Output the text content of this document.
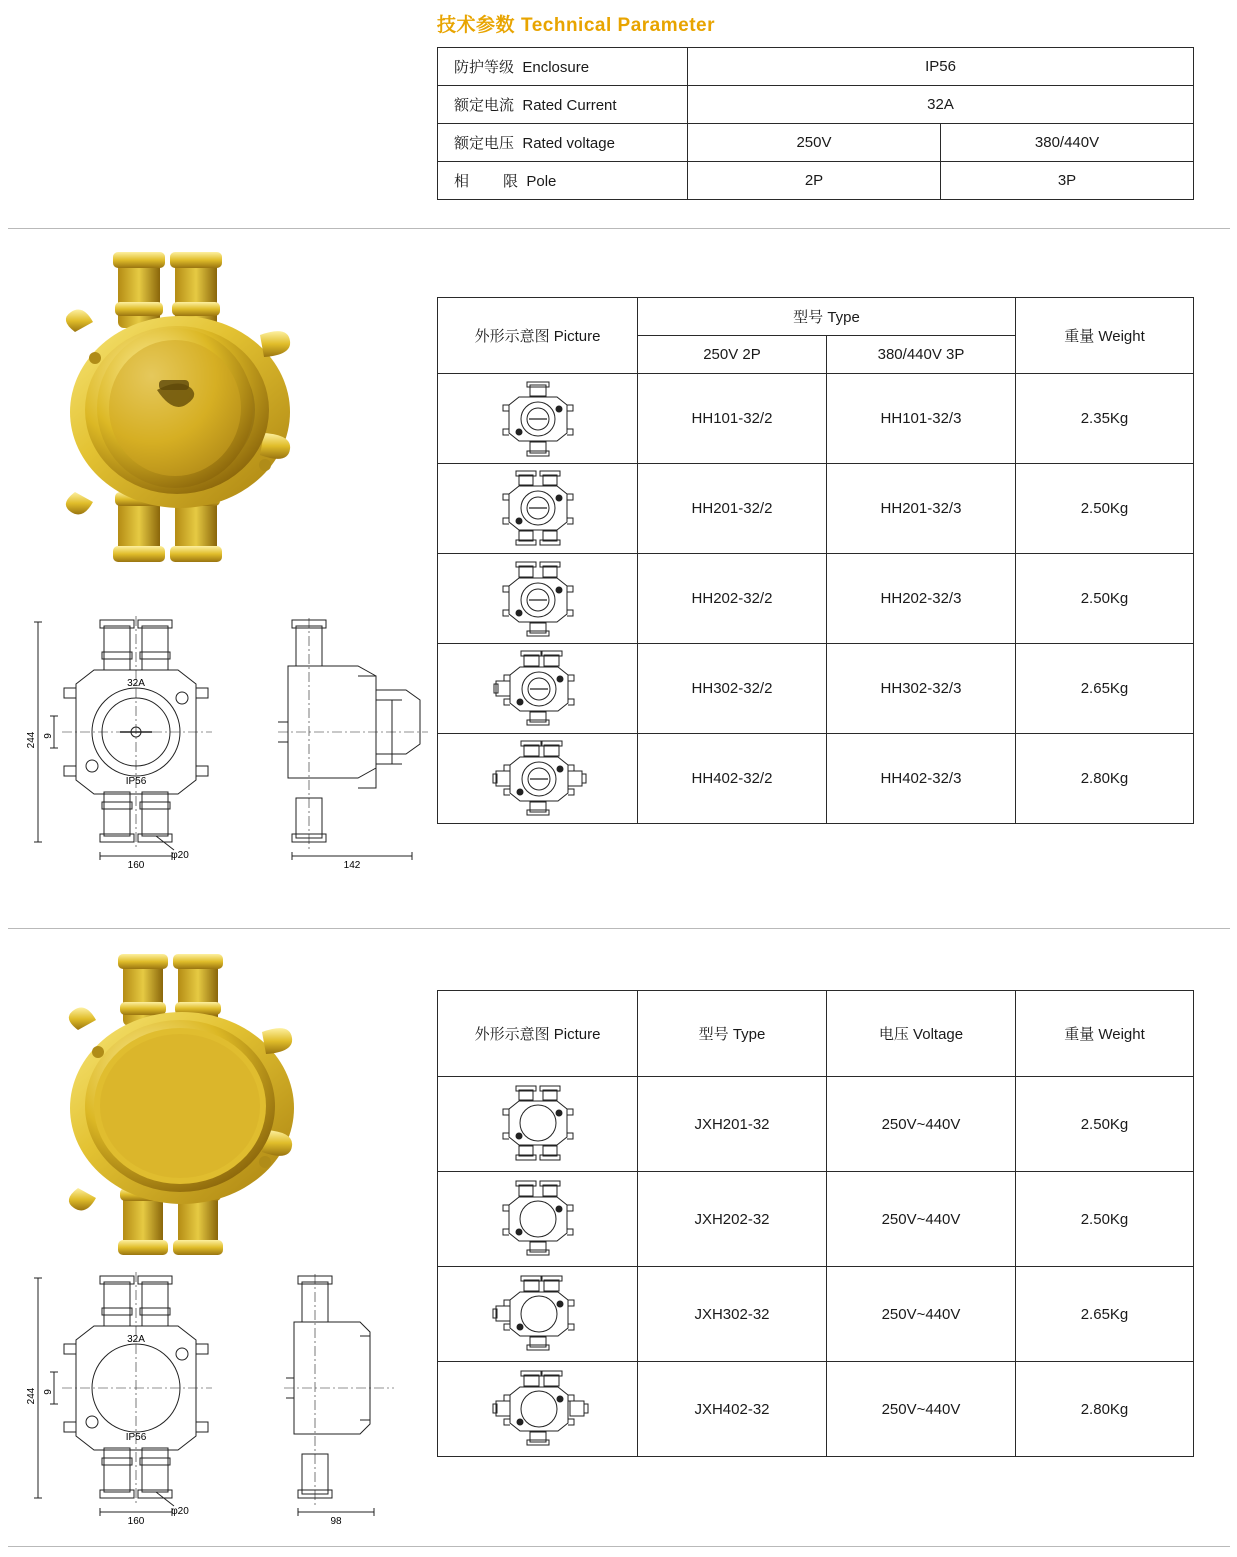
技术参数 Technical Parameter
防护等级 Enclosure	IP56	
额定电流 Rated Current	32A	
额定电压 Rated voltage	250V	380/440V
相 限 Pole	2P	3P
244 9
160
φ20
32A
IP56
142
外形示意图 Picture	型号 Type		重量 Weight
	250V 2P	380/440V 3P	

	HH101-32/2	HH101-32/3	2.35Kg

	HH201-32/2	HH201-32/3	2.50Kg

	HH202-32/2	HH202-32/3	2.50Kg

	HH302-32/2	HH302-32/3	2.65Kg

	HH402-32/2	HH402-32/3	2.80Kg
244 9
160
φ20
32A
IP56
98
外形示意图 Picture	型号 Type	电压 Voltage	重量 Weight

	JXH201-32	250V~440V	2.50Kg

	JXH202-32	250V~440V	2.50Kg

	JXH302-32	250V~440V	2.65Kg

	JXH402-32	250V~440V	2.80Kg
